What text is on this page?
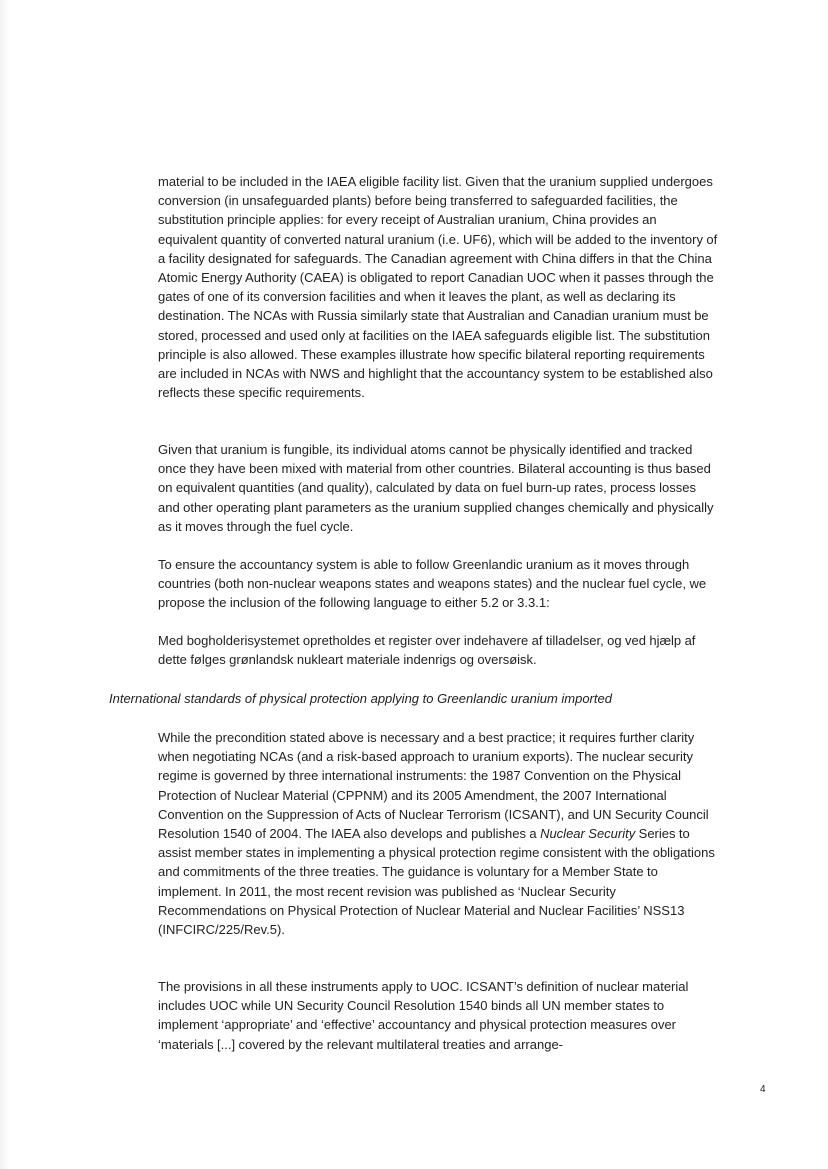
material to be included in the IAEA eligible facility list. Given that the uranium supplied undergoes conversion (in unsafeguarded plants) before being transferred to safeguarded facilities, the substitution principle applies: for every receipt of Australian uranium, China provides an equivalent quantity of converted natural uranium (i.e. UF6), which will be added to the inventory of a facility designated for safeguards. The Canadian agreement with China differs in that the China Atomic Energy Authority (CAEA) is obligated to report Canadian UOC when it passes through the gates of one of its conversion facilities and when it leaves the plant, as well as declaring its destination. The NCAs with Russia similarly state that Australian and Canadian uranium must be stored, processed and used only at facilities on the IAEA safeguards eligible list. The substitution principle is also allowed. These examples illustrate how specific bilateral reporting requirements are included in NCAs with NWS and highlight that the accountancy system to be established also reflects these specific requirements.

Given that uranium is fungible, its individual atoms cannot be physically identified and tracked once they have been mixed with material from other countries. Bilateral accounting is thus based on equivalent quantities (and quality), calculated by data on fuel burn-up rates, process losses and other operating plant parameters as the uranium supplied changes chemically and physically as it moves through the fuel cycle.

To ensure the accountancy system is able to follow Greenlandic uranium as it moves through countries (both non-nuclear weapons states and weapons states) and the nuclear fuel cycle, we propose the inclusion of the following language to either 5.2 or 3.3.1:

Med bogholderisystemet opretholdes et register over indehavere af tilladelser, og ved hjælp af dette følges grønlandsk nukleart materiale indenrigs og oversøisk.

International standards of physical protection applying to Greenlandic uranium imported

While the precondition stated above is necessary and a best practice; it requires further clarity when negotiating NCAs (and a risk-based approach to uranium exports). The nuclear security regime is governed by three international instruments: the 1987 Convention on the Physical Protection of Nuclear Material (CPPNM) and its 2005 Amendment, the 2007 International Convention on the Suppression of Acts of Nuclear Terrorism (ICSANT), and UN Security Council Resolution 1540 of 2004. The IAEA also develops and publishes a Nuclear Security Series to assist member states in implementing a physical protection regime consistent with the obligations and commitments of the three treaties. The guidance is voluntary for a Member State to implement. In 2011, the most recent revision was published as ‘Nuclear Security Recommendations on Physical Protection of Nuclear Material and Nuclear Facilities’ NSS13 (INFCIRC/225/Rev.5).

The provisions in all these instruments apply to UOC. ICSANT’s definition of nuclear material includes UOC while UN Security Council Resolution 1540 binds all UN member states to implement ‘appropriate’ and ‘effective’ accountancy and physical protection measures over ‘materials [...] covered by the relevant multilateral treaties and arrange-

4
